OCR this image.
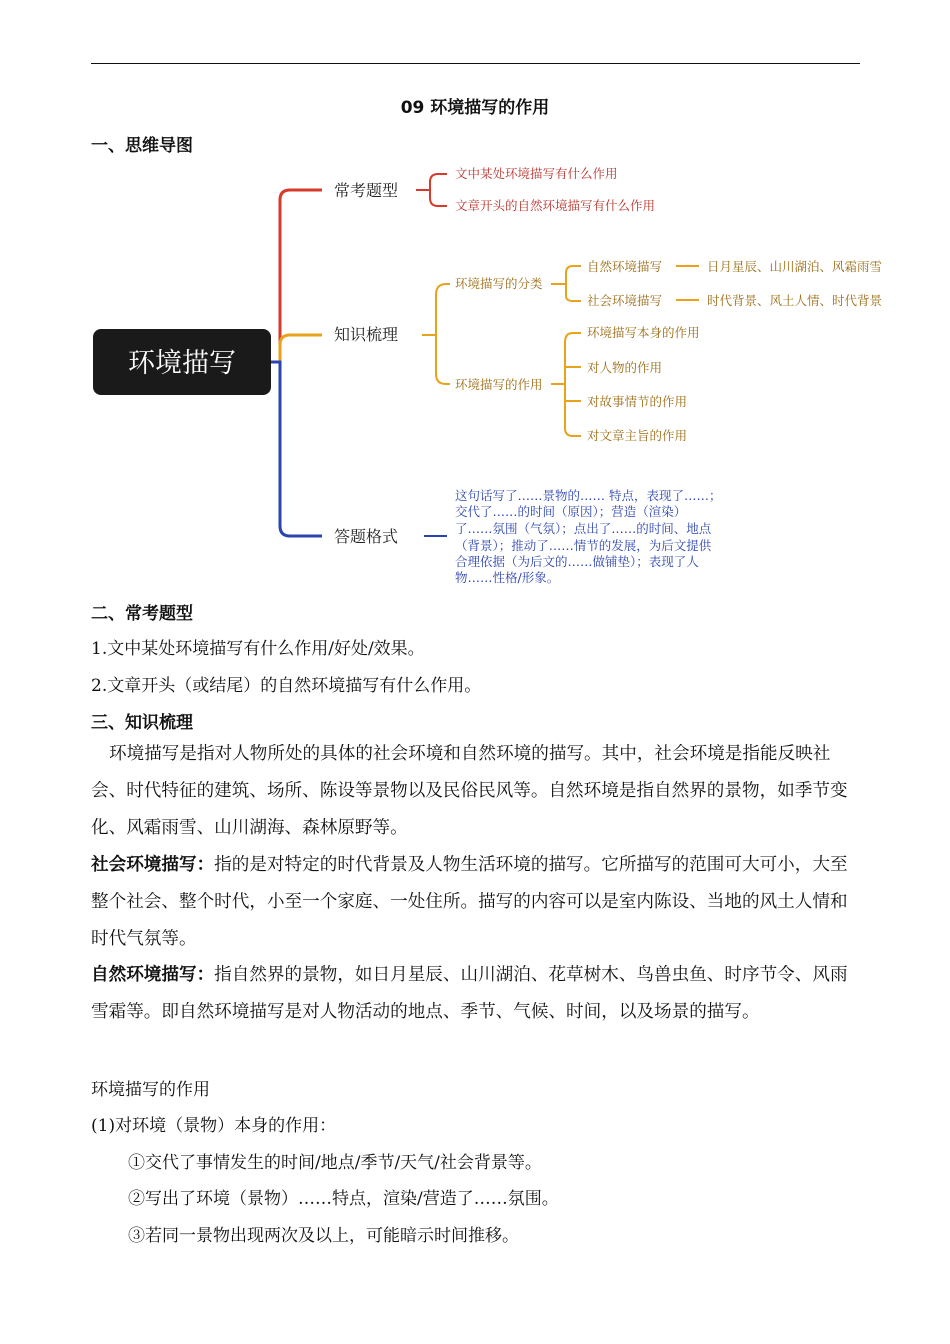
09 环境描写的作用
一、思维导图
环境描写
常考题型
知识梳理
答题格式
文中某处环境描写有什么作用
文章开头的自然环境描写有什么作用
环境描写的分类
环境描写的作用
自然环境描写
社会环境描写
日月星辰、山川湖泊、风霜雨雪
时代背景、风土人情、时代背景
环境描写本身的作用
对人物的作用
对故事情节的作用
对文章主旨的作用
这句话写了……景物的…… 特点，表现了……；
交代了……的时间（原因）；营造（渲染）
了……氛围（气氛）；点出了……的时间、地点
（背景）；推动了……情节的发展，为后文提供
合理依据（为后文的……做铺垫）；表现了人
物……性格/形象。
二、常考题型
1.文中某处环境描写有什么作用/好处/效果。
2.文章开头（或结尾）的自然环境描写有什么作用。
三、知识梳理
环境描写是指对人物所处的具体的社会环境和自然环境的描写。其中，社会环境是指能反映社会、时代特征的建筑、场所、陈设等景物以及民俗民风等。自然环境是指自然界的景物，如季节变化、风霜雨雪、山川湖海、森林原野等。
社会环境描写：指的是对特定的时代背景及人物生活环境的描写。它所描写的范围可大可小，大至整个社会、整个时代，小至一个家庭、一处住所。描写的内容可以是室内陈设、当地的风土人情和时代气氛等。
自然环境描写：指自然界的景物，如日月星辰、山川湖泊、花草树木、鸟兽虫鱼、时序节令、风雨雪霜等。即自然环境描写是对人物活动的地点、季节、气候、时间，以及场景的描写。
环境描写的作用
(1)对环境（景物）本身的作用：
①交代了事情发生的时间/地点/季节/天气/社会背景等。
②写出了环境（景物）……特点，渲染/营造了……氛围。
③若同一景物出现两次及以上，可能暗示时间推移。
